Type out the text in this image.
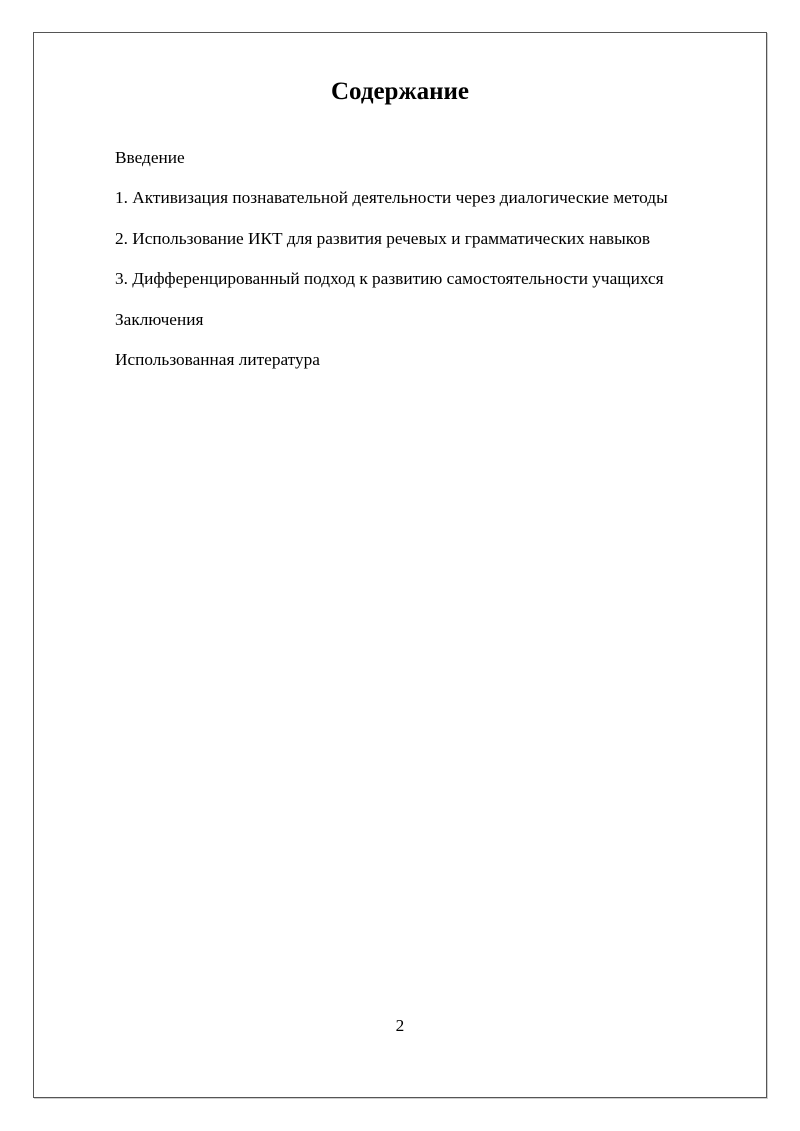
Содержание
Введение
1. Активизация познавательной деятельности через диалогические методы
2. Использование ИКТ для развития речевых и грамматических навыков
3. Дифференцированный подход к развитию самостоятельности учащихся
Заключения
Использованная литература
2
